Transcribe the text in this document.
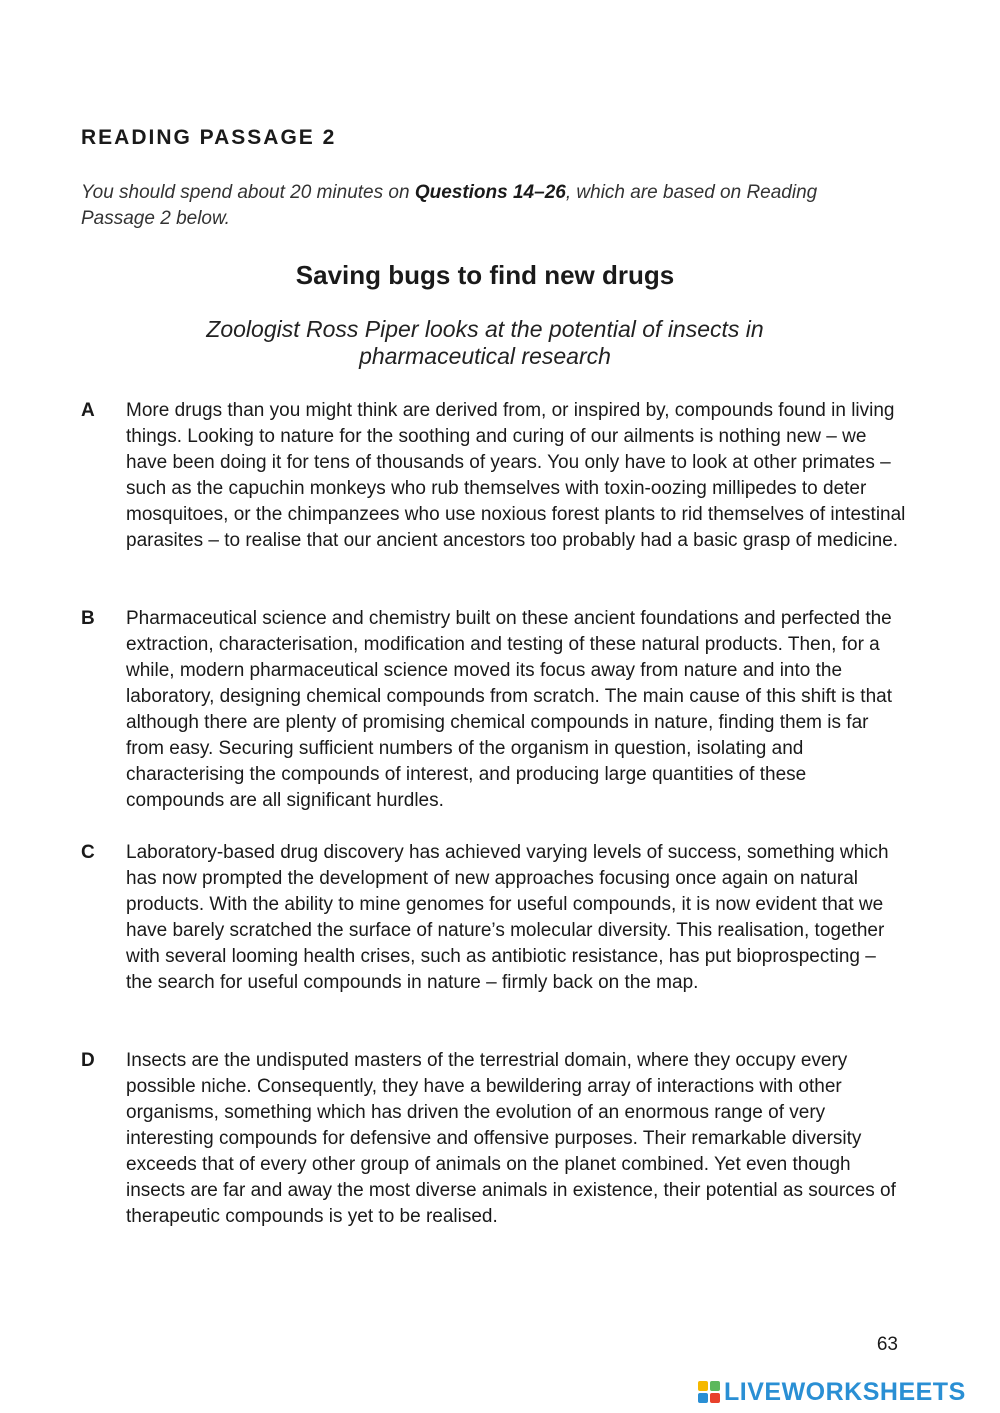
READING PASSAGE 2

You should spend about 20 minutes on Questions 14–26, which are based on Reading Passage 2 below.

Saving bugs to find new drugs

Zoologist Ross Piper looks at the potential of insects in pharmaceutical research

A More drugs than you might think are derived from, or inspired by, compounds found in living things. Looking to nature for the soothing and curing of our ailments is nothing new – we have been doing it for tens of thousands of years. You only have to look at other primates – such as the capuchin monkeys who rub themselves with toxin-oozing millipedes to deter mosquitoes, or the chimpanzees who use noxious forest plants to rid themselves of intestinal parasites – to realise that our ancient ancestors too probably had a basic grasp of medicine.

B Pharmaceutical science and chemistry built on these ancient foundations and perfected the extraction, characterisation, modification and testing of these natural products. Then, for a while, modern pharmaceutical science moved its focus away from nature and into the laboratory, designing chemical compounds from scratch. The main cause of this shift is that although there are plenty of promising chemical compounds in nature, finding them is far from easy. Securing sufficient numbers of the organism in question, isolating and characterising the compounds of interest, and producing large quantities of these compounds are all significant hurdles.

C Laboratory-based drug discovery has achieved varying levels of success, something which has now prompted the development of new approaches focusing once again on natural products. With the ability to mine genomes for useful compounds, it is now evident that we have barely scratched the surface of nature’s molecular diversity. This realisation, together with several looming health crises, such as antibiotic resistance, has put bioprospecting – the search for useful compounds in nature – firmly back on the map.

D Insects are the undisputed masters of the terrestrial domain, where they occupy every possible niche. Consequently, they have a bewildering array of interactions with other organisms, something which has driven the evolution of an enormous range of very interesting compounds for defensive and offensive purposes. Their remarkable diversity exceeds that of every other group of animals on the planet combined. Yet even though insects are far and away the most diverse animals in existence, their potential as sources of therapeutic compounds is yet to be realised.

63
LIVEWORKSHEETS
